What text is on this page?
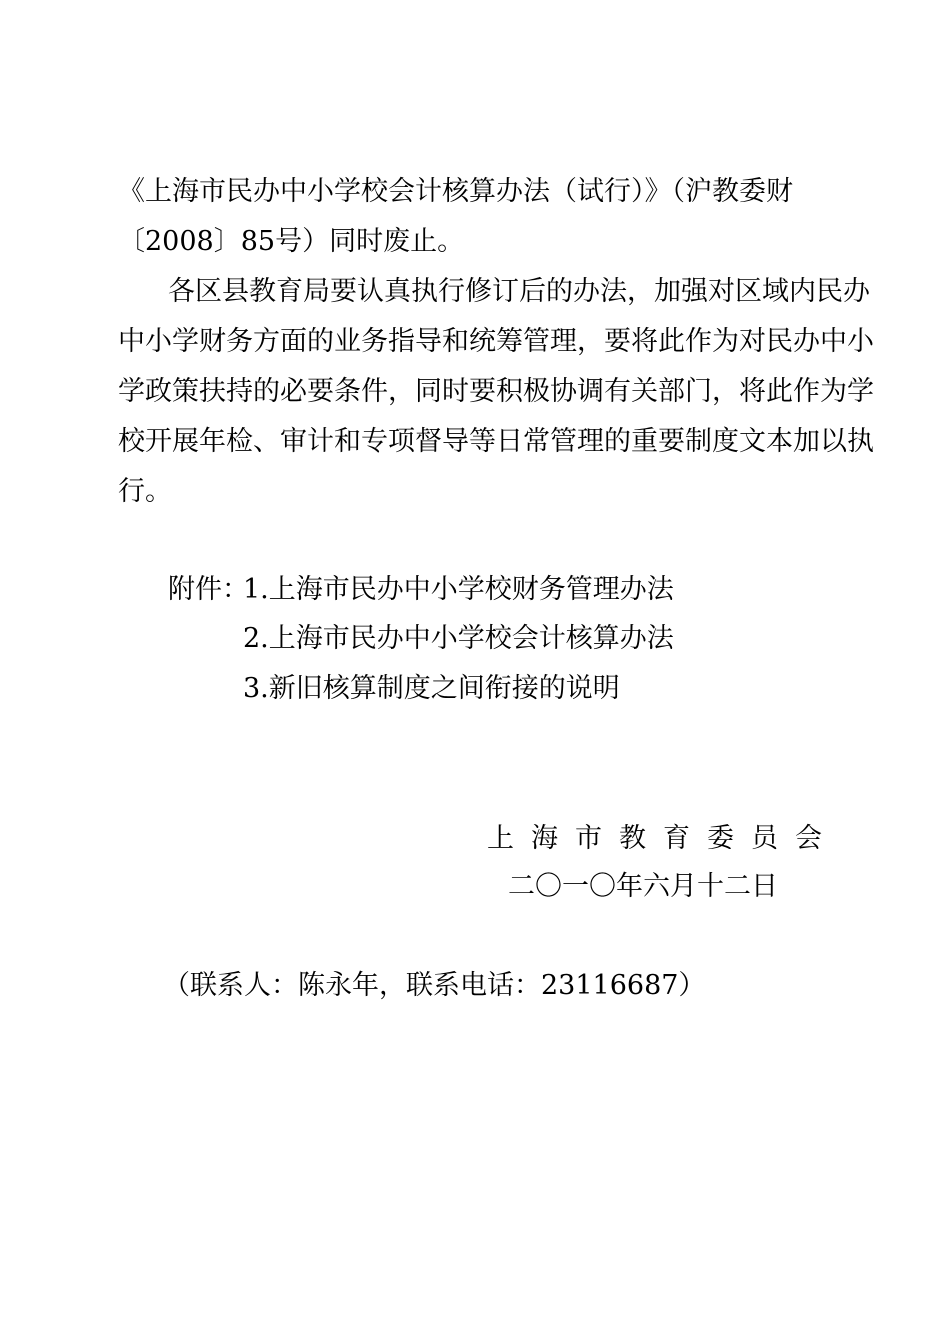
《上海市民办中小学校会计核算办法（试行）》（沪教委财
〔2008〕85号）同时废止。
各区县教育局要认真执行修订后的办法，加强对区域内民办
中小学财务方面的业务指导和统筹管理，要将此作为对民办中小
学政策扶持的必要条件，同时要积极协调有关部门，将此作为学
校开展年检、审计和专项督导等日常管理的重要制度文本加以执
行。
附件：
1.上海市民办中小学校财务管理办法
2.上海市民办中小学校会计核算办法
3.新旧核算制度之间衔接的说明
上海市教育委员会
二〇一〇年六月十二日
（联系人：陈永年，联系电话：23116687）
